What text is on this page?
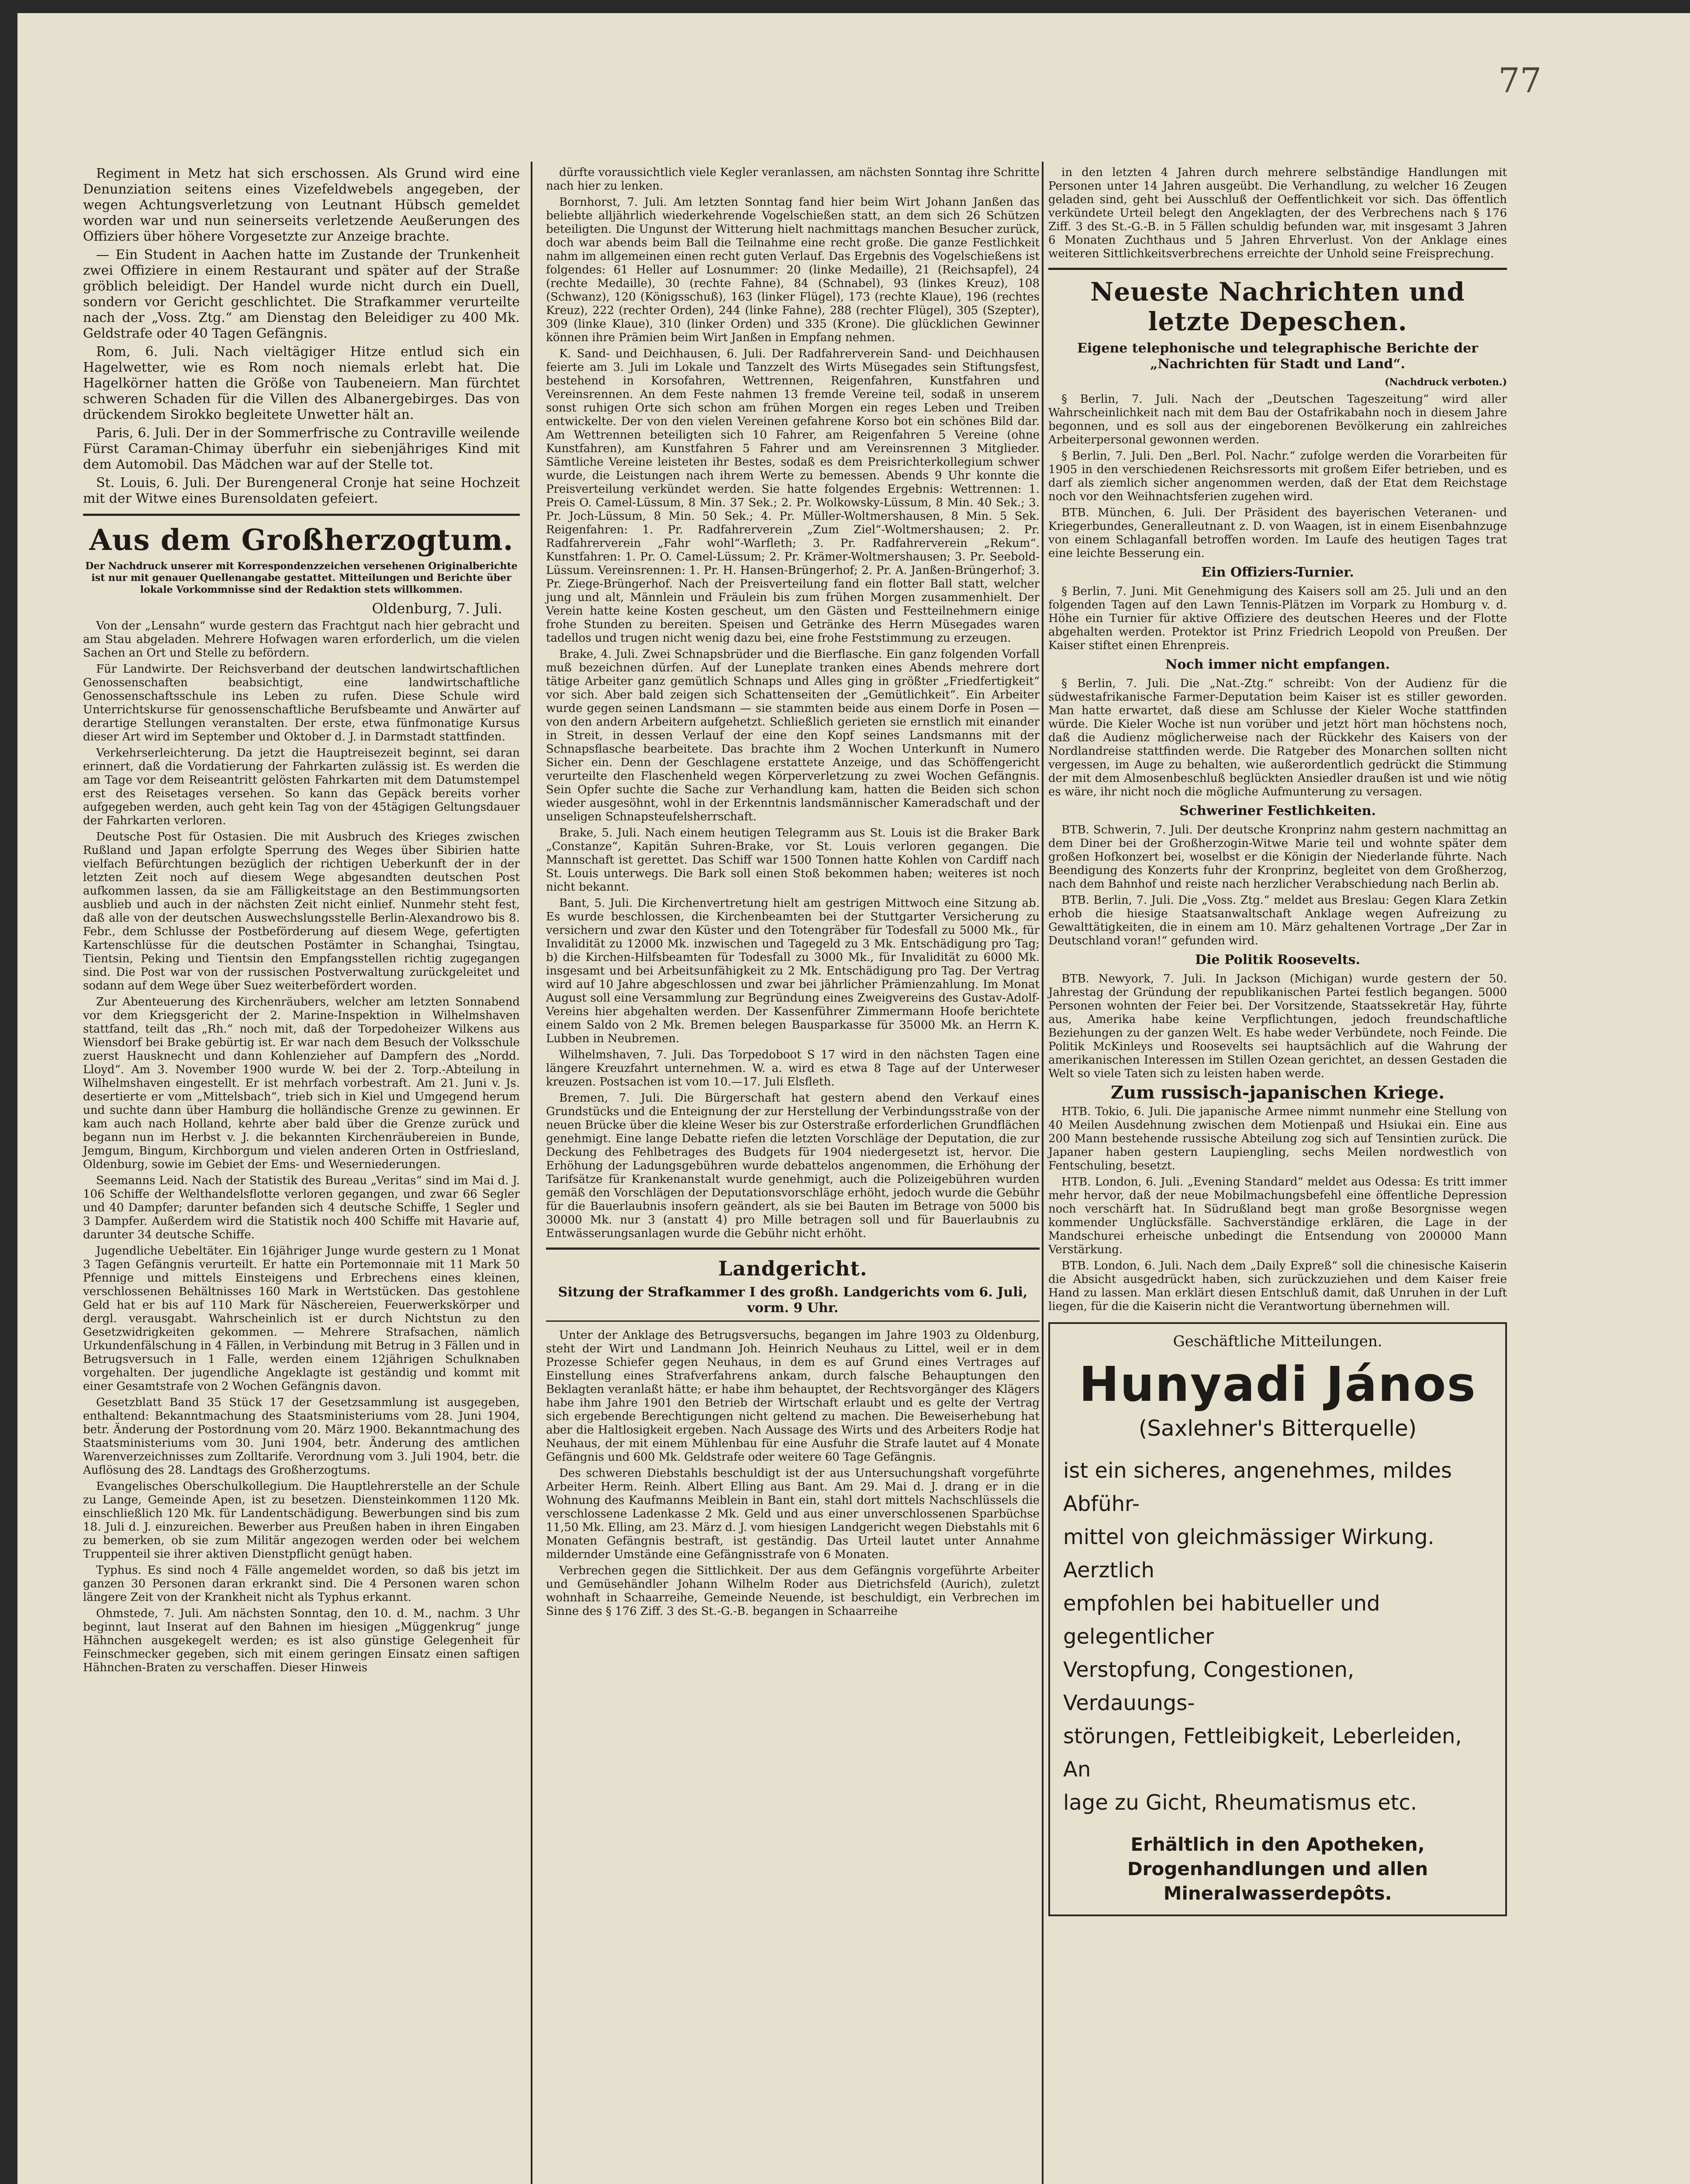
77

Regiment in Metz hat sich erschossen. Als Grund wird eine Denunziation seitens eines Vizefeldwebels angegeben, der wegen Achtungsverletzung von Leutnant Hübsch gemeldet worden war und nun seinerseits verletzende Aeußerungen des Offiziers über höhere Vorgesetzte zur Anzeige brachte.

— Ein Student in Aachen hatte im Zustande der Trunkenheit zwei Offiziere in einem Restaurant und später auf der Straße gröblich beleidigt. Der Handel wurde nicht durch ein Duell, sondern vor Gericht geschlichtet. Die Strafkammer verurteilte nach der „Voss. Ztg.“ am Dienstag den Beleidiger zu 400 Mk. Geldstrafe oder 40 Tagen Gefängnis.

Rom, 6. Juli. Nach vieltägiger Hitze entlud sich ein Hagelwetter, wie es Rom noch niemals erlebt hat. Die Hagelkörner hatten die Größe von Taubeneiern. Man fürchtet schweren Schaden für die Villen des Albanergebirges. Das von drückendem Sirokko begleitete Unwetter hält an.

Paris, 6. Juli. Der in der Sommerfrische zu Contraville weilende Fürst Caraman-Chimay überfuhr ein siebenjähriges Kind mit dem Automobil. Das Mädchen war auf der Stelle tot.

St. Louis, 6. Juli. Der Burengeneral Cronje hat seine Hochzeit mit der Witwe eines Burensoldaten gefeiert.

Aus dem Großherzogtum.
Der Nachdruck unserer mit Korrespondenzzeichen versehenen Originalberichte ist nur mit genauer Quellenangabe gestattet. Mitteilungen und Berichte über lokale Vorkommnisse sind der Redaktion stets willkommen.
Oldenburg, 7. Juli.

Von der „Lensahn“ wurde gestern das Frachtgut nach hier gebracht und am Stau abgeladen. Mehrere Hofwagen waren erforderlich, um die vielen Sachen an Ort und Stelle zu befördern.

Für Landwirte. Der Reichsverband der deutschen landwirtschaftlichen Genossenschaften beabsichtigt, eine landwirtschaftliche Genossenschaftsschule ins Leben zu rufen. Diese Schule wird Unterrichtskurse für genossenschaftliche Berufsbeamte und Anwärter auf derartige Stellungen veranstalten. Der erste, etwa fünfmonatige Kursus dieser Art wird im September und Oktober d. J. in Darmstadt stattfinden.

Verkehrserleichterung. Da jetzt die Hauptreisezeit beginnt, sei daran erinnert, daß die Vordatierung der Fahrkarten zulässig ist. Es werden die am Tage vor dem Reiseantritt gelösten Fahrkarten mit dem Datumstempel erst des Reisetages versehen. So kann das Gepäck bereits vorher aufgegeben werden, auch geht kein Tag von der 45tägigen Geltungsdauer der Fahrkarten verloren.

Deutsche Post für Ostasien. Die mit Ausbruch des Krieges zwischen Rußland und Japan erfolgte Sperrung des Weges über Sibirien hatte vielfach Befürchtungen bezüglich der richtigen Ueberkunft der in der letzten Zeit noch auf diesem Wege abgesandten deutschen Post aufkommen lassen, da sie am Fälligkeitstage an den Bestimmungsorten ausblieb und auch in der nächsten Zeit nicht einlief. Nunmehr steht fest, daß alle von der deutschen Auswechslungsstelle Berlin-Alexandrowo bis 8. Febr., dem Schlusse der Postbeförderung auf diesem Wege, gefertigten Kartenschlüsse für die deutschen Postämter in Schanghai, Tsingtau, Tientsin, Peking und Tientsin den Empfangsstellen richtig zugegangen sind. Die Post war von der russischen Postverwaltung zurückgeleitet und sodann auf dem Wege über Suez weiterbefördert worden.

Zur Abenteuerung des Kirchenräubers, welcher am letzten Sonnabend vor dem Kriegsgericht der 2. Marine-Inspektion in Wilhelmshaven stattfand, teilt das „Rh.“ noch mit, daß der Torpedoheizer Wilkens aus Wiensdorf bei Brake gebürtig ist. Er war nach dem Besuch der Volksschule zuerst Hausknecht und dann Kohlenzieher auf Dampfern des „Nordd. Lloyd“. Am 3. November 1900 wurde W. bei der 2. Torp.-Abteilung in Wilhelmshaven eingestellt. Er ist mehrfach vorbestraft. Am 21. Juni v. Js. desertierte er vom „Mittelsbach“, trieb sich in Kiel und Umgegend herum und suchte dann über Hamburg die holländische Grenze zu gewinnen. Er kam auch nach Holland, kehrte aber bald über die Grenze zurück und begann nun im Herbst v. J. die bekannten Kirchenräubereien in Bunde, Jemgum, Bingum, Kirchborgum und vielen anderen Orten in Ostfriesland, Oldenburg, sowie im Gebiet der Ems- und Weserniederungen.

Seemanns Leid. Nach der Statistik des Bureau „Veritas“ sind im Mai d. J. 106 Schiffe der Welthandelsflotte verloren gegangen, und zwar 66 Segler und 40 Dampfer; darunter befanden sich 4 deutsche Schiffe, 1 Segler und 3 Dampfer. Außerdem wird die Statistik noch 400 Schiffe mit Havarie auf, darunter 34 deutsche Schiffe.

Jugendliche Uebeltäter. Ein 16jähriger Junge wurde gestern zu 1 Monat 3 Tagen Gefängnis verurteilt. Er hatte ein Portemonnaie mit 11 Mark 50 Pfennige und mittels Einsteigens und Erbrechens eines kleinen, verschlossenen Behältnisses 160 Mark in Wertstücken. Das gestohlene Geld hat er bis auf 110 Mark für Näschereien, Feuerwerkskörper und dergl. verausgabt. Wahrscheinlich ist er durch Nichtstun zu den Gesetzwidrigkeiten gekommen. — Mehrere Strafsachen, nämlich Urkundenfälschung in 4 Fällen, in Verbindung mit Betrug in 3 Fällen und in Betrugsversuch in 1 Falle, werden einem 12jährigen Schulknaben vorgehalten. Der jugendliche Angeklagte ist geständig und kommt mit einer Gesamtstrafe von 2 Wochen Gefängnis davon.

Gesetzblatt Band 35 Stück 17 der Gesetzsammlung ist ausgegeben, enthaltend: Bekanntmachung des Staatsministeriums vom 28. Juni 1904, betr. Änderung der Postordnung vom 20. März 1900. Bekanntmachung des Staatsministeriums vom 30. Juni 1904, betr. Änderung des amtlichen Warenverzeichnisses zum Zolltarife. Verordnung vom 3. Juli 1904, betr. die Auflösung des 28. Landtags des Großherzogtums.

Evangelisches Oberschulkollegium. Die Hauptlehrerstelle an der Schule zu Lange, Gemeinde Apen, ist zu besetzen. Diensteinkommen 1120 Mk. einschließlich 120 Mk. für Landentschädigung. Bewerbungen sind bis zum 18. Juli d. J. einzureichen. Bewerber aus Preußen haben in ihren Eingaben zu bemerken, ob sie zum Militär angezogen werden oder bei welchem Truppenteil sie ihrer aktiven Dienstpflicht genügt haben.

Typhus. Es sind noch 4 Fälle angemeldet worden, so daß bis jetzt im ganzen 30 Personen daran erkrankt sind. Die 4 Personen waren schon längere Zeit von der Krankheit nicht als Typhus erkannt.

Ohmstede, 7. Juli. Am nächsten Sonntag, den 10. d. M., nachm. 3 Uhr beginnt, laut Inserat auf den Bahnen im hiesigen „Müggenkrug“ junge Hähnchen ausgekegelt werden; es ist also günstige Gelegenheit für Feinschmecker gegeben, sich mit einem geringen Einsatz einen saftigen Hähnchen-Braten zu verschaffen. Dieser Hinweis

dürfte voraussichtlich viele Kegler veranlassen, am nächsten Sonntag ihre Schritte nach hier zu lenken.

Bornhorst, 7. Juli. Am letzten Sonntag fand hier beim Wirt Johann Janßen das beliebte alljährlich wiederkehrende Vogelschießen statt, an dem sich 26 Schützen beteiligten. Die Ungunst der Witterung hielt nachmittags manchen Besucher zurück, doch war abends beim Ball die Teilnahme eine recht große. Die ganze Festlichkeit nahm im allgemeinen einen recht guten Verlauf. Das Ergebnis des Vogelschießens ist folgendes: 61 Heller auf Losnummer: 20 (linke Medaille), 21 (Reichsapfel), 24 (rechte Medaille), 30 (rechte Fahne), 84 (Schnabel), 93 (linkes Kreuz), 108 (Schwanz), 120 (Königsschuß), 163 (linker Flügel), 173 (rechte Klaue), 196 (rechtes Kreuz), 222 (rechter Orden), 244 (linke Fahne), 288 (rechter Flügel), 305 (Szepter), 309 (linke Klaue), 310 (linker Orden) und 335 (Krone). Die glücklichen Gewinner können ihre Prämien beim Wirt Janßen in Empfang nehmen.

K. Sand- und Deichhausen, 6. Juli. Der Radfahrerverein Sand- und Deichhausen feierte am 3. Juli im Lokale und Tanzzelt des Wirts Müsegades sein Stiftungsfest, bestehend in Korsofahren, Wettrennen, Reigenfahren, Kunstfahren und Vereinsrennen. An dem Feste nahmen 13 fremde Vereine teil, sodaß in unserem sonst ruhigen Orte sich schon am frühen Morgen ein reges Leben und Treiben entwickelte. Der von den vielen Vereinen gefahrene Korso bot ein schönes Bild dar. Am Wettrennen beteiligten sich 10 Fahrer, am Reigenfahren 5 Vereine (ohne Kunstfahren), am Kunstfahren 5 Fahrer und am Vereinsrennen 3 Mitglieder. Sämtliche Vereine leisteten ihr Bestes, sodaß es dem Preisrichterkollegium schwer wurde, die Leistungen nach ihrem Werte zu bemessen. Abends 9 Uhr konnte die Preisverteilung verkündet werden. Sie hatte folgendes Ergebnis: Wettrennen: 1. Preis O. Camel-Lüssum, 8 Min. 37 Sek.; 2. Pr. Wolkowsky-Lüssum, 8 Min. 40 Sek.; 3. Pr. Joch-Lüssum, 8 Min. 50 Sek.; 4. Pr. Müller-Woltmershausen, 8 Min. 5 Sek. Reigenfahren: 1. Pr. Radfahrerverein „Zum Ziel“-Woltmershausen; 2. Pr. Radfahrerverein „Fahr wohl“-Warfleth; 3. Pr. Radfahrerverein „Rekum“. Kunstfahren: 1. Pr. O. Camel-Lüssum; 2. Pr. Krämer-Woltmershausen; 3. Pr. Seebold-Lüssum. Vereinsrennen: 1. Pr. H. Hansen-Brüngerhof; 2. Pr. A. Janßen-Brüngerhof; 3. Pr. Ziege-Brüngerhof. Nach der Preisverteilung fand ein flotter Ball statt, welcher jung und alt, Männlein und Fräulein bis zum frühen Morgen zusammenhielt. Der Verein hatte keine Kosten gescheut, um den Gästen und Festteilnehmern einige frohe Stunden zu bereiten. Speisen und Getränke des Herrn Müsegades waren tadellos und trugen nicht wenig dazu bei, eine frohe Feststimmung zu erzeugen.

Brake, 4. Juli. Zwei Schnapsbrüder und die Bierflasche. Ein ganz folgenden Vorfall muß bezeichnen dürfen. Auf der Luneplate tranken eines Abends mehrere dort tätige Arbeiter ganz gemütlich Schnaps und Alles ging in größter „Friedfertigkeit“ vor sich. Aber bald zeigen sich Schattenseiten der „Gemütlichkeit“. Ein Arbeiter wurde gegen seinen Landsmann — sie stammten beide aus einem Dorfe in Posen — von den andern Arbeitern aufgehetzt. Schließlich gerieten sie ernstlich mit einander in Streit, in dessen Verlauf der eine den Kopf seines Landsmanns mit der Schnapsflasche bearbeitete. Das brachte ihm 2 Wochen Unterkunft in Numero Sicher ein. Denn der Geschlagene erstattete Anzeige, und das Schöffengericht verurteilte den Flaschenheld wegen Körperverletzung zu zwei Wochen Gefängnis. Sein Opfer suchte die Sache zur Verhandlung kam, hatten die Beiden sich schon wieder ausgesöhnt, wohl in der Erkenntnis landsmännischer Kameradschaft und der unseligen Schnapsteufelsherrschaft.

Brake, 5. Juli. Nach einem heutigen Telegramm aus St. Louis ist die Braker Bark „Constanze“, Kapitän Suhren-Brake, vor St. Louis verloren gegangen. Die Mannschaft ist gerettet. Das Schiff war 1500 Tonnen hatte Kohlen von Cardiff nach St. Louis unterwegs. Die Bark soll einen Stoß bekommen haben; weiteres ist noch nicht bekannt.

Bant, 5. Juli. Die Kirchenvertretung hielt am gestrigen Mittwoch eine Sitzung ab. Es wurde beschlossen, die Kirchenbeamten bei der Stuttgarter Versicherung zu versichern und zwar den Küster und den Totengräber für Todesfall zu 5000 Mk., für Invalidität zu 12000 Mk. inzwischen und Tagegeld zu 3 Mk. Entschädigung pro Tag; b) die Kirchen-Hilfsbeamten für Todesfall zu 3000 Mk., für Invalidität zu 6000 Mk. insgesamt und bei Arbeitsunfähigkeit zu 2 Mk. Entschädigung pro Tag. Der Vertrag wird auf 10 Jahre abgeschlossen und zwar bei jährlicher Prämienzahlung. Im Monat August soll eine Versammlung zur Begründung eines Zweigvereins des Gustav-Adolf-Vereins hier abgehalten werden. Der Kassenführer Zimmermann Hoofe berichtete einem Saldo von 2 Mk. Bremen belegen Bausparkasse für 35000 Mk. an Herrn K. Lubben in Neubremen.

Wilhelmshaven, 7. Juli. Das Torpedoboot S 17 wird in den nächsten Tagen eine längere Kreuzfahrt unternehmen. W. a. wird es etwa 8 Tage auf der Unterweser kreuzen. Postsachen ist vom 10.—17. Juli Elsfleth.

Bremen, 7. Juli. Die Bürgerschaft hat gestern abend den Verkauf eines Grundstücks und die Enteignung der zur Herstellung der Verbindungsstraße von der neuen Brücke über die kleine Weser bis zur Osterstraße erforderlichen Grundflächen genehmigt. Eine lange Debatte riefen die letzten Vorschläge der Deputation, die zur Deckung des Fehlbetrages des Budgets für 1904 niedergesetzt ist, hervor. Die Erhöhung der Ladungsgebühren wurde debattelos angenommen, die Erhöhung der Tarifsätze für Krankenanstalt wurde genehmigt, auch die Polizeigebühren wurden gemäß den Vorschlägen der Deputationsvorschläge erhöht, jedoch wurde die Gebühr für die Bauerlaubnis insofern geändert, als sie bei Bauten im Betrage von 5000 bis 30000 Mk. nur 3 (anstatt 4) pro Mille betragen soll und für Bauerlaubnis zu Entwässerungsanlagen wurde die Gebühr nicht erhöht.

Landgericht.
Sitzung der Strafkammer I des großh. Landgerichts vom 6. Juli, vorm. 9 Uhr.

Unter der Anklage des Betrugsversuchs, begangen im Jahre 1903 zu Oldenburg, steht der Wirt und Landmann Joh. Heinrich Neuhaus zu Littel, weil er in dem Prozesse Schiefer gegen Neuhaus, in dem es auf Grund eines Vertrages auf Einstellung eines Strafverfahrens ankam, durch falsche Behauptungen den Beklagten veranlaßt hätte; er habe ihm behauptet, der Rechtsvorgänger des Klägers habe ihm Jahre 1901 den Betrieb der Wirtschaft erlaubt und es gelte der Vertrag sich ergebende Berechtigungen nicht geltend zu machen. Die Beweiserhebung hat aber die Haltlosigkeit ergeben. Nach Aussage des Wirts und des Arbeiters Rodje hat Neuhaus, der mit einem Mühlenbau für eine Ausfuhr die Strafe lautet auf 4 Monate Gefängnis und 600 Mk. Geldstrafe oder weitere 60 Tage Gefängnis.

Des schweren Diebstahls beschuldigt ist der aus Untersuchungshaft vorgeführte Arbeiter Herm. Reinh. Albert Elling aus Bant. Am 29. Mai d. J. drang er in die Wohnung des Kaufmanns Meiblein in Bant ein, stahl dort mittels Nachschlüssels die verschlossene Ladenkasse 2 Mk. Geld und aus einer unverschlossenen Sparbüchse 11,50 Mk. Elling, am 23. März d. J. vom hiesigen Landgericht wegen Diebstahls mit 6 Monaten Gefängnis bestraft, ist geständig. Das Urteil lautet unter Annahme mildernder Umstände eine Gefängnisstrafe von 6 Monaten.

Verbrechen gegen die Sittlichkeit. Der aus dem Gefängnis vorgeführte Arbeiter und Gemüsehändler Johann Wilhelm Roder aus Dietrichsfeld (Aurich), zuletzt wohnhaft in Schaarreihe, Gemeinde Neuende, ist beschuldigt, ein Verbrechen im Sinne des § 176 Ziff. 3 des St.-G.-B. begangen in Schaarreihe

in den letzten 4 Jahren durch mehrere selbständige Handlungen mit Personen unter 14 Jahren ausgeübt. Die Verhandlung, zu welcher 16 Zeugen geladen sind, geht bei Ausschluß der Oeffentlichkeit vor sich. Das öffentlich verkündete Urteil belegt den Angeklagten, der des Verbrechens nach § 176 Ziff. 3 des St.-G.-B. in 5 Fällen schuldig befunden war, mit insgesamt 3 Jahren 6 Monaten Zuchthaus und 5 Jahren Ehrverlust. Von der Anklage eines weiteren Sittlichkeitsverbrechens erreichte der Unhold seine Freisprechung.

Neueste Nachrichten und letzte Depeschen.
Eigene telephonische und telegraphische Berichte der „Nachrichten für Stadt und Land“.
(Nachdruck verboten.)

§ Berlin, 7. Juli. Nach der „Deutschen Tageszeitung“ wird aller Wahrscheinlichkeit nach mit dem Bau der Ostafrikabahn noch in diesem Jahre begonnen, und es soll aus der eingeborenen Bevölkerung ein zahlreiches Arbeiterpersonal gewonnen werden.

§ Berlin, 7. Juli. Den „Berl. Pol. Nachr.“ zufolge werden die Vorarbeiten für 1905 in den verschiedenen Reichsressorts mit großem Eifer betrieben, und es darf als ziemlich sicher angenommen werden, daß der Etat dem Reichstage noch vor den Weihnachtsferien zugehen wird.

BTB. München, 6. Juli. Der Präsident des bayerischen Veteranen- und Kriegerbundes, Generalleutnant z. D. von Waagen, ist in einem Eisenbahnzuge von einem Schlaganfall betroffen worden. Im Laufe des heutigen Tages trat eine leichte Besserung ein.

Ein Offiziers-Turnier.

§ Berlin, 7. Juni. Mit Genehmigung des Kaisers soll am 25. Juli und an den folgenden Tagen auf den Lawn Tennis-Plätzen im Vorpark zu Homburg v. d. Höhe ein Turnier für aktive Offiziere des deutschen Heeres und der Flotte abgehalten werden. Protektor ist Prinz Friedrich Leopold von Preußen. Der Kaiser stiftet einen Ehrenpreis.

Noch immer nicht empfangen.

§ Berlin, 7. Juli. Die „Nat.-Ztg.“ schreibt: Von der Audienz für die südwestafrikanische Farmer-Deputation beim Kaiser ist es stiller geworden. Man hatte erwartet, daß diese am Schlusse der Kieler Woche stattfinden würde. Die Kieler Woche ist nun vorüber und jetzt hört man höchstens noch, daß die Audienz möglicherweise nach der Rückkehr des Kaisers von der Nordlandreise stattfinden werde. Die Ratgeber des Monarchen sollten nicht vergessen, im Auge zu behalten, wie außerordentlich gedrückt die Stimmung der mit dem Almosenbeschluß beglückten Ansiedler draußen ist und wie nötig es wäre, ihr nicht noch die mögliche Aufmunterung zu versagen.

Schweriner Festlichkeiten.

BTB. Schwerin, 7. Juli. Der deutsche Kronprinz nahm gestern nachmittag an dem Diner bei der Großherzogin-Witwe Marie teil und wohnte später dem großen Hofkonzert bei, woselbst er die Königin der Niederlande führte. Nach Beendigung des Konzerts fuhr der Kronprinz, begleitet von dem Großherzog, nach dem Bahnhof und reiste nach herzlicher Verabschiedung nach Berlin ab.

BTB. Berlin, 7. Juli. Die „Voss. Ztg.“ meldet aus Breslau: Gegen Klara Zetkin erhob die hiesige Staatsanwaltschaft Anklage wegen Aufreizung zu Gewalttätigkeiten, die in einem am 10. März gehaltenen Vortrage „Der Zar in Deutschland voran!“ gefunden wird.

Die Politik Roosevelts.

BTB. Newyork, 7. Juli. In Jackson (Michigan) wurde gestern der 50. Jahrestag der Gründung der republikanischen Partei festlich begangen. 5000 Personen wohnten der Feier bei. Der Vorsitzende, Staatssekretär Hay, führte aus, Amerika habe keine Verpflichtungen, jedoch freundschaftliche Beziehungen zu der ganzen Welt. Es habe weder Verbündete, noch Feinde. Die Politik McKinleys und Roosevelts sei hauptsächlich auf die Wahrung der amerikanischen Interessen im Stillen Ozean gerichtet, an dessen Gestaden die Welt so viele Taten sich zu leisten haben werde.

Zum russisch-japanischen Kriege.

HTB. Tokio, 6. Juli. Die japanische Armee nimmt nunmehr eine Stellung von 40 Meilen Ausdehnung zwischen dem Motienpaß und Hsiukai ein. Eine aus 200 Mann bestehende russische Abteilung zog sich auf Tensintien zurück. Die Japaner haben gestern Laupiengling, sechs Meilen nordwestlich von Fentschuling, besetzt.

HTB. London, 6. Juli. „Evening Standard“ meldet aus Odessa: Es tritt immer mehr hervor, daß der neue Mobilmachungsbefehl eine öffentliche Depression noch verschärft hat. In Südrußland begt man große Besorgnisse wegen kommender Unglücksfälle. Sachverständige erklären, die Lage in der Mandschurei erheische unbedingt die Entsendung von 200000 Mann Verstärkung.

BTB. London, 6. Juli. Nach dem „Daily Expreß“ soll die chinesische Kaiserin die Absicht ausgedrückt haben, sich zurückzuziehen und dem Kaiser freie Hand zu lassen. Man erklärt diesen Entschluß damit, daß Unruhen in der Luft liegen, für die die Kaiserin nicht die Verantwortung übernehmen will.

Geschäftliche Mitteilungen.
Hunyadi János
(Saxlehner's Bitterquelle)
ist ein sicheres, angenehmes, mildes Abführ-
mittel von gleichmässiger Wirkung. Aerztlich
empfohlen bei habitueller und gelegentlicher
Verstopfung, Congestionen, Verdauungs-
störungen, Fettleibigkeit, Leberleiden, An
lage zu Gicht, Rheumatismus etc.
Erhältlich in den Apotheken, Drogenhandlungen und allen Mineralwasserdepôts.
